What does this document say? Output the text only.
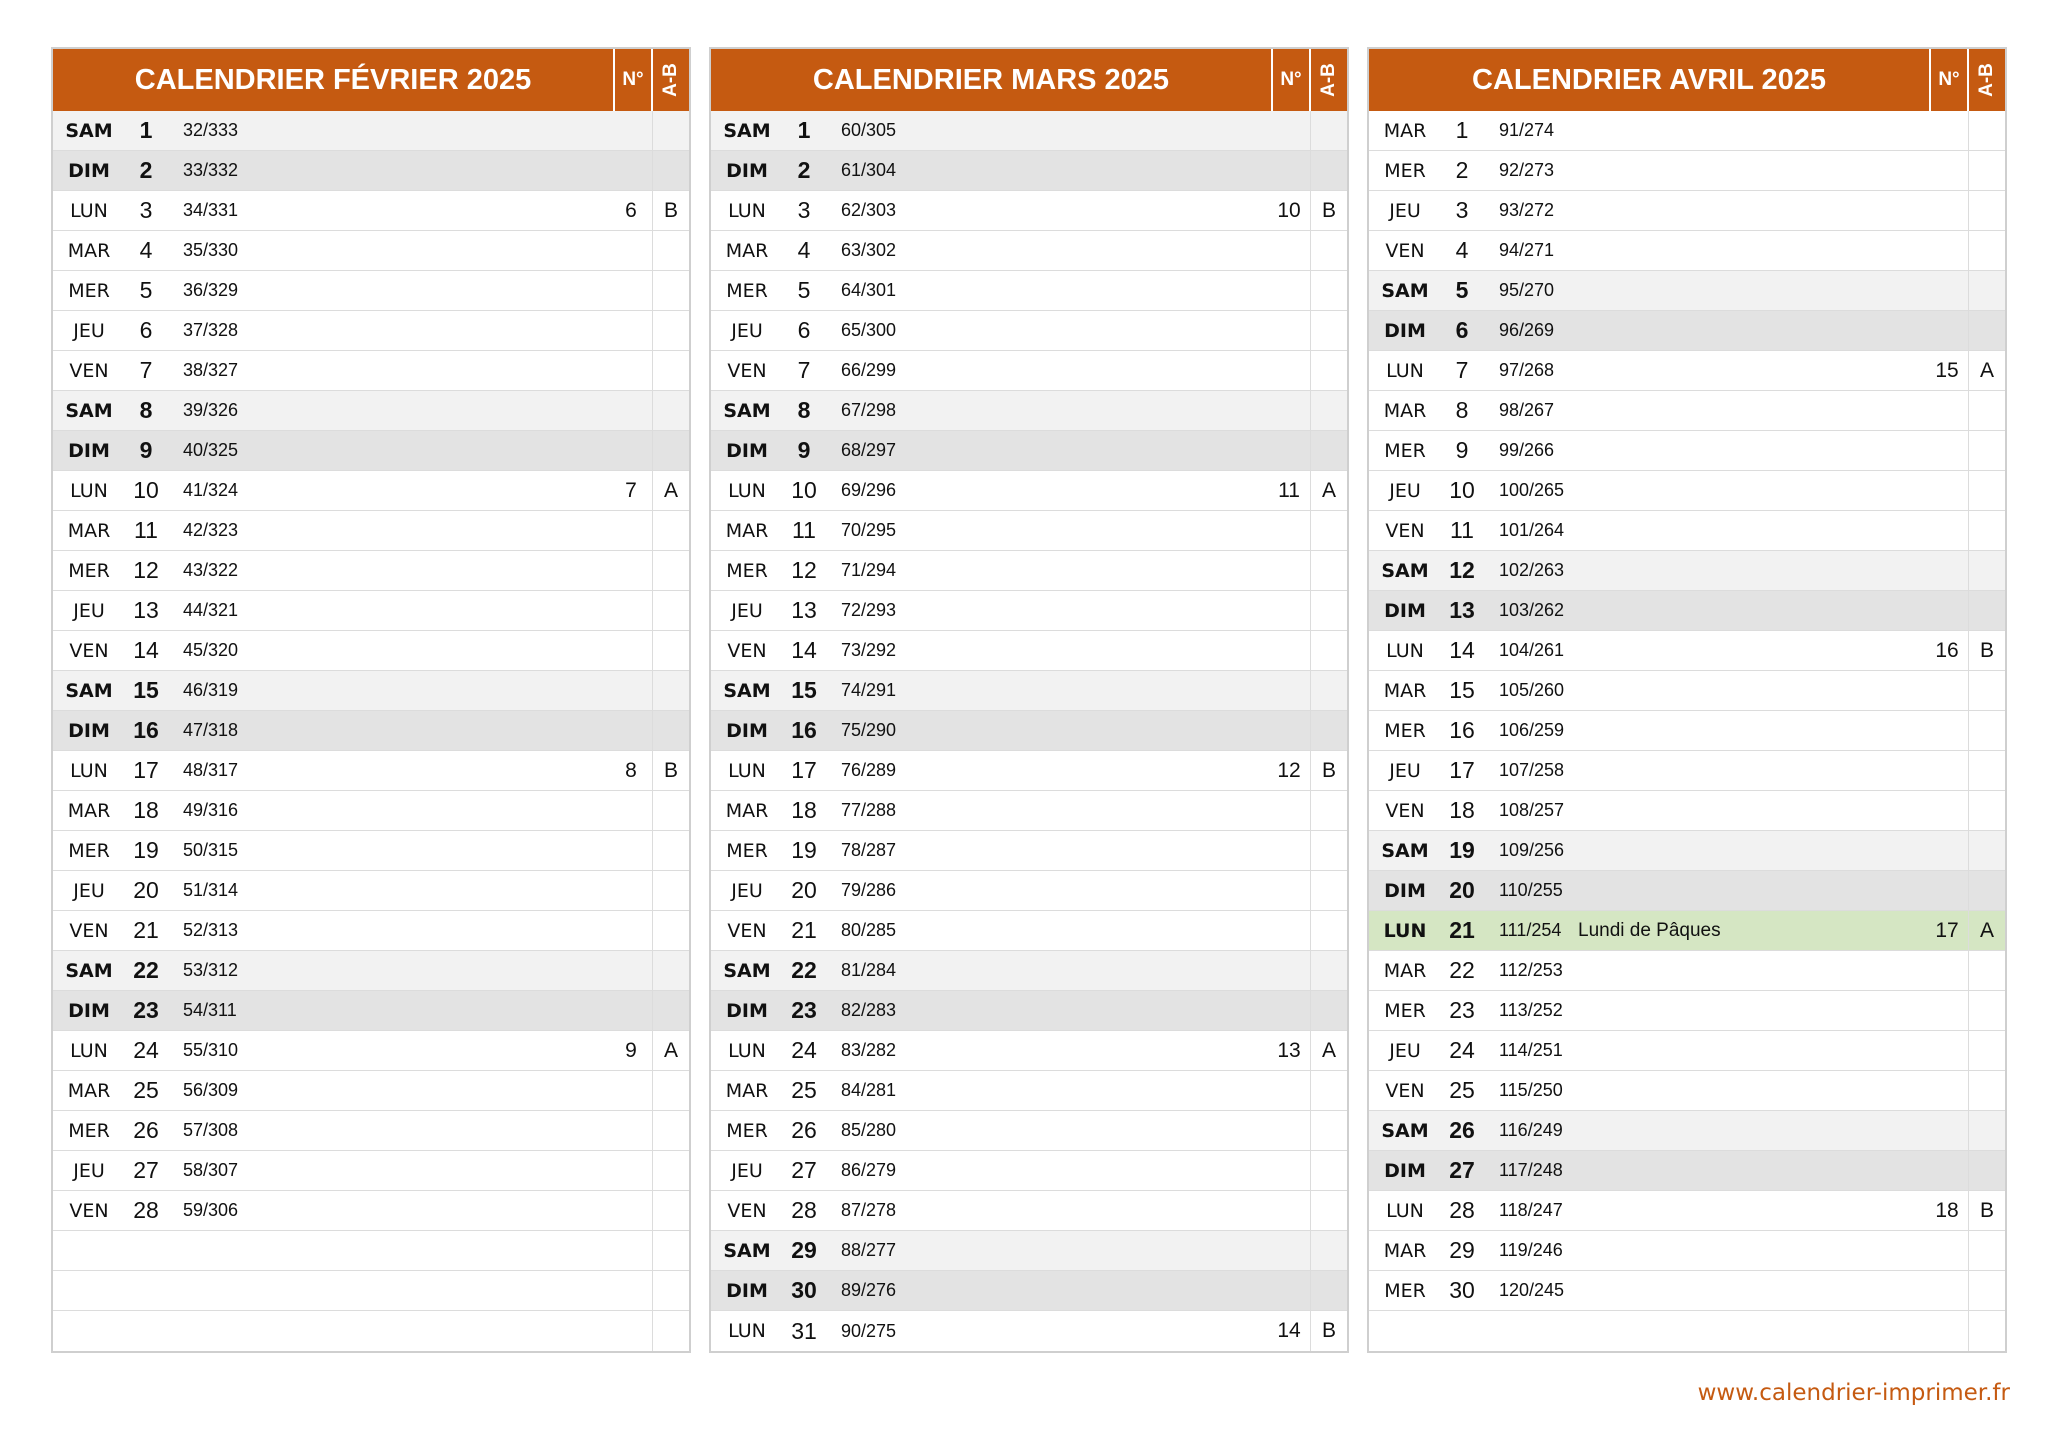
CALENDRIER FÉVRIER 2025	N° A-B
SAM	1	32/333
DIM	2	33/332
LUN	3	34/331	6	B
MAR	4	35/330
MER	5	36/329
JEU	6	37/328
VEN	7	38/327
SAM	8	39/326
DIM	9	40/325
LUN	10	41/324	7	A
MAR	11	42/323
MER	12	43/322
JEU	13	44/321
VEN	14	45/320
SAM 15	46/319
DIM	16	47/318
LUN	17	48/317	8	B
MAR 18	49/316
MER	19	50/315
JEU	20	51/314
VEN	21	52/313
SAM 22	53/312
DIM	23	54/311
LUN	24	55/310	9	A
MAR 25	56/309
MER	26	57/308
JEU	27	58/307
VEN	28	59/306
CALENDRIER MARS 2025	N° A-B
SAM	1	60/305
DIM	2	61/304
LUN	3	62/303	10	B
MAR	4	63/302
MER	5	64/301
JEU	6	65/300
VEN	7	66/299
SAM	8	67/298
DIM	9	68/297
LUN	10	69/296	11	A
MAR	11	70/295
MER	12	71/294
JEU	13	72/293
VEN	14	73/292
SAM 15	74/291
DIM	16	75/290
LUN	17	76/289	12	B
MAR 18	77/288
MER	19	78/287
JEU	20	79/286
VEN	21	80/285
SAM 22	81/284
DIM	23	82/283
LUN	24	83/282	13	A
MAR 25	84/281
MER	26	85/280
JEU	27	86/279
VEN	28	87/278
SAM 29	88/277
DIM	30	89/276
LUN	31	90/275	14	B
CALENDRIER AVRIL 2025	N° A-B
MAR	1	91/274
MER	2	92/273
JEU	3	93/272
VEN	4	94/271
SAM	5	95/270
DIM	6	96/269
LUN	7	97/268	15	A
MAR	8	98/267
MER	9	99/266
JEU	10	100/265
VEN	11	101/264
SAM 12	102/263
DIM	13	103/262
LUN	14	104/261	16	B
MAR 15	105/260
MER	16	106/259
JEU	17	107/258
VEN	18	108/257
SAM 19	109/256
DIM	20	110/255
LUN 21	111/254 Lundi de Pâques	17	A
MAR 22	112/253
MER	23	113/252
JEU	24	114/251
VEN	25	115/250
SAM 26	116/249
DIM	27	117/248
LUN	28	118/247	18	B
MAR 29	119/246
MER	30	120/245
www.calendrier-imprimer.fr
